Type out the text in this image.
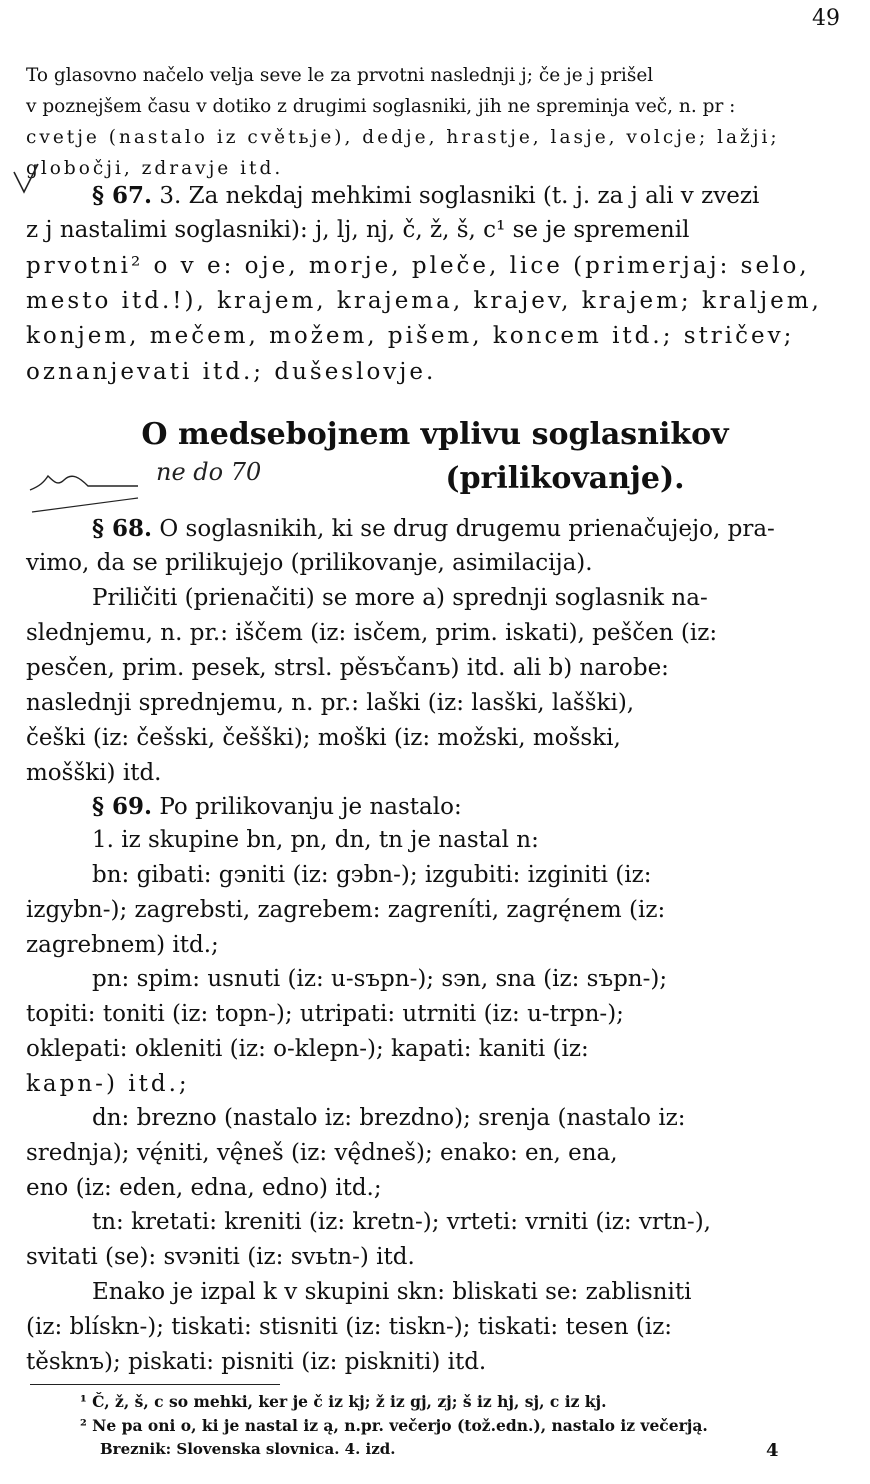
49

To glasovno načelo velja seve le za prvotni naslednji j; če je j prišel

v poznejšem času v dotiko z drugimi soglasniki, jih ne spreminja več, n. pr :

cvetje (nastalo iz cvětьje), dedje, hrastje, lasje, volcje; lažji;

globočji, zdravje itd.

§ 67. 3. Za nekdaj mehkimi soglasniki (t. j. za j ali v zvezi

z j nastalimi soglasniki): j, lj, nj, č, ž, š, c¹ se je spremenil

prvotni² o v e: oje, morje, pleče, lice (primerjaj: selo,

mesto itd.!), krajem, krajema, krajev, krajem; kraljem,

konjem, mečem, možem, pišem, koncem itd.; stričev;

oznanjevati itd.; dušeslovje.

O medsebojnem vplivu soglasnikov
(prilikovanje).
ne do 70

§ 68. O soglasnikih, ki se drug drugemu prienačujejo, pra-

vimo, da se prilikujejo (prilikovanje, asimilacija).

Priličiti (prienačiti) se more a) sprednji soglasnik na-

slednjemu, n. pr.: iščem (iz: isčem, prim. iskati), peščen (iz:

pesčen, prim. pesek, strsl. pěsъčanъ) itd. ali b) narobe:

naslednji sprednjemu, n. pr.: laški (iz: lasški, lašški),

češki (iz: češski, češški); moški (iz: možski, mošski,

mošški) itd.

§ 69. Po prilikovanju je nastalo:

1. iz skupine bn, pn, dn, tn je nastal n:

bn: gibati: gэniti (iz: gэbn-); izgubiti: izginiti (iz:

izgybn-); zagrebsti, zagrebem: zagreníti, zagrę́nem (iz:

zagrebnem) itd.;

pn: spim: usnuti (iz: u-sъpn-); sэn, sna (iz: sъpn-);

topiti: toniti (iz: topn-); utripati: utrniti (iz: u-trpn-);

oklepati: okleniti (iz: o-klepn-); kapati: kaniti (iz:

kapn-) itd.;

dn: brezno (nastalo iz: brezdno); srenja (nastalo iz:

srednja); vę́niti, vę̂neš (iz: vę̂dneš); enako: en, ena,

eno (iz: eden, edna, edno) itd.;

tn: kretati: kreniti (iz: kretn-); vrteti: vrniti (iz: vrtn-),

svitati (se): svэniti (iz: svьtn-) itd.

Enako je izpal k v skupini skn: bliskati se: zablisniti

(iz: blískn-); tiskati: stisniti (iz: tiskn-); tiskati: tesen (iz:

těsknъ); piskati: pisniti (iz: piskniti) itd.

¹ Č, ž, š, c so mehki, ker je č iz kj; ž iz gj, zj; š iz hj, sj, c iz kj.

² Ne pa oni o, ki je nastal iz ą, n.pr. večerjo (tož.edn.), nastalo iz večerją.

Breznik: Slovenska slovnica. 4. izd.	4
